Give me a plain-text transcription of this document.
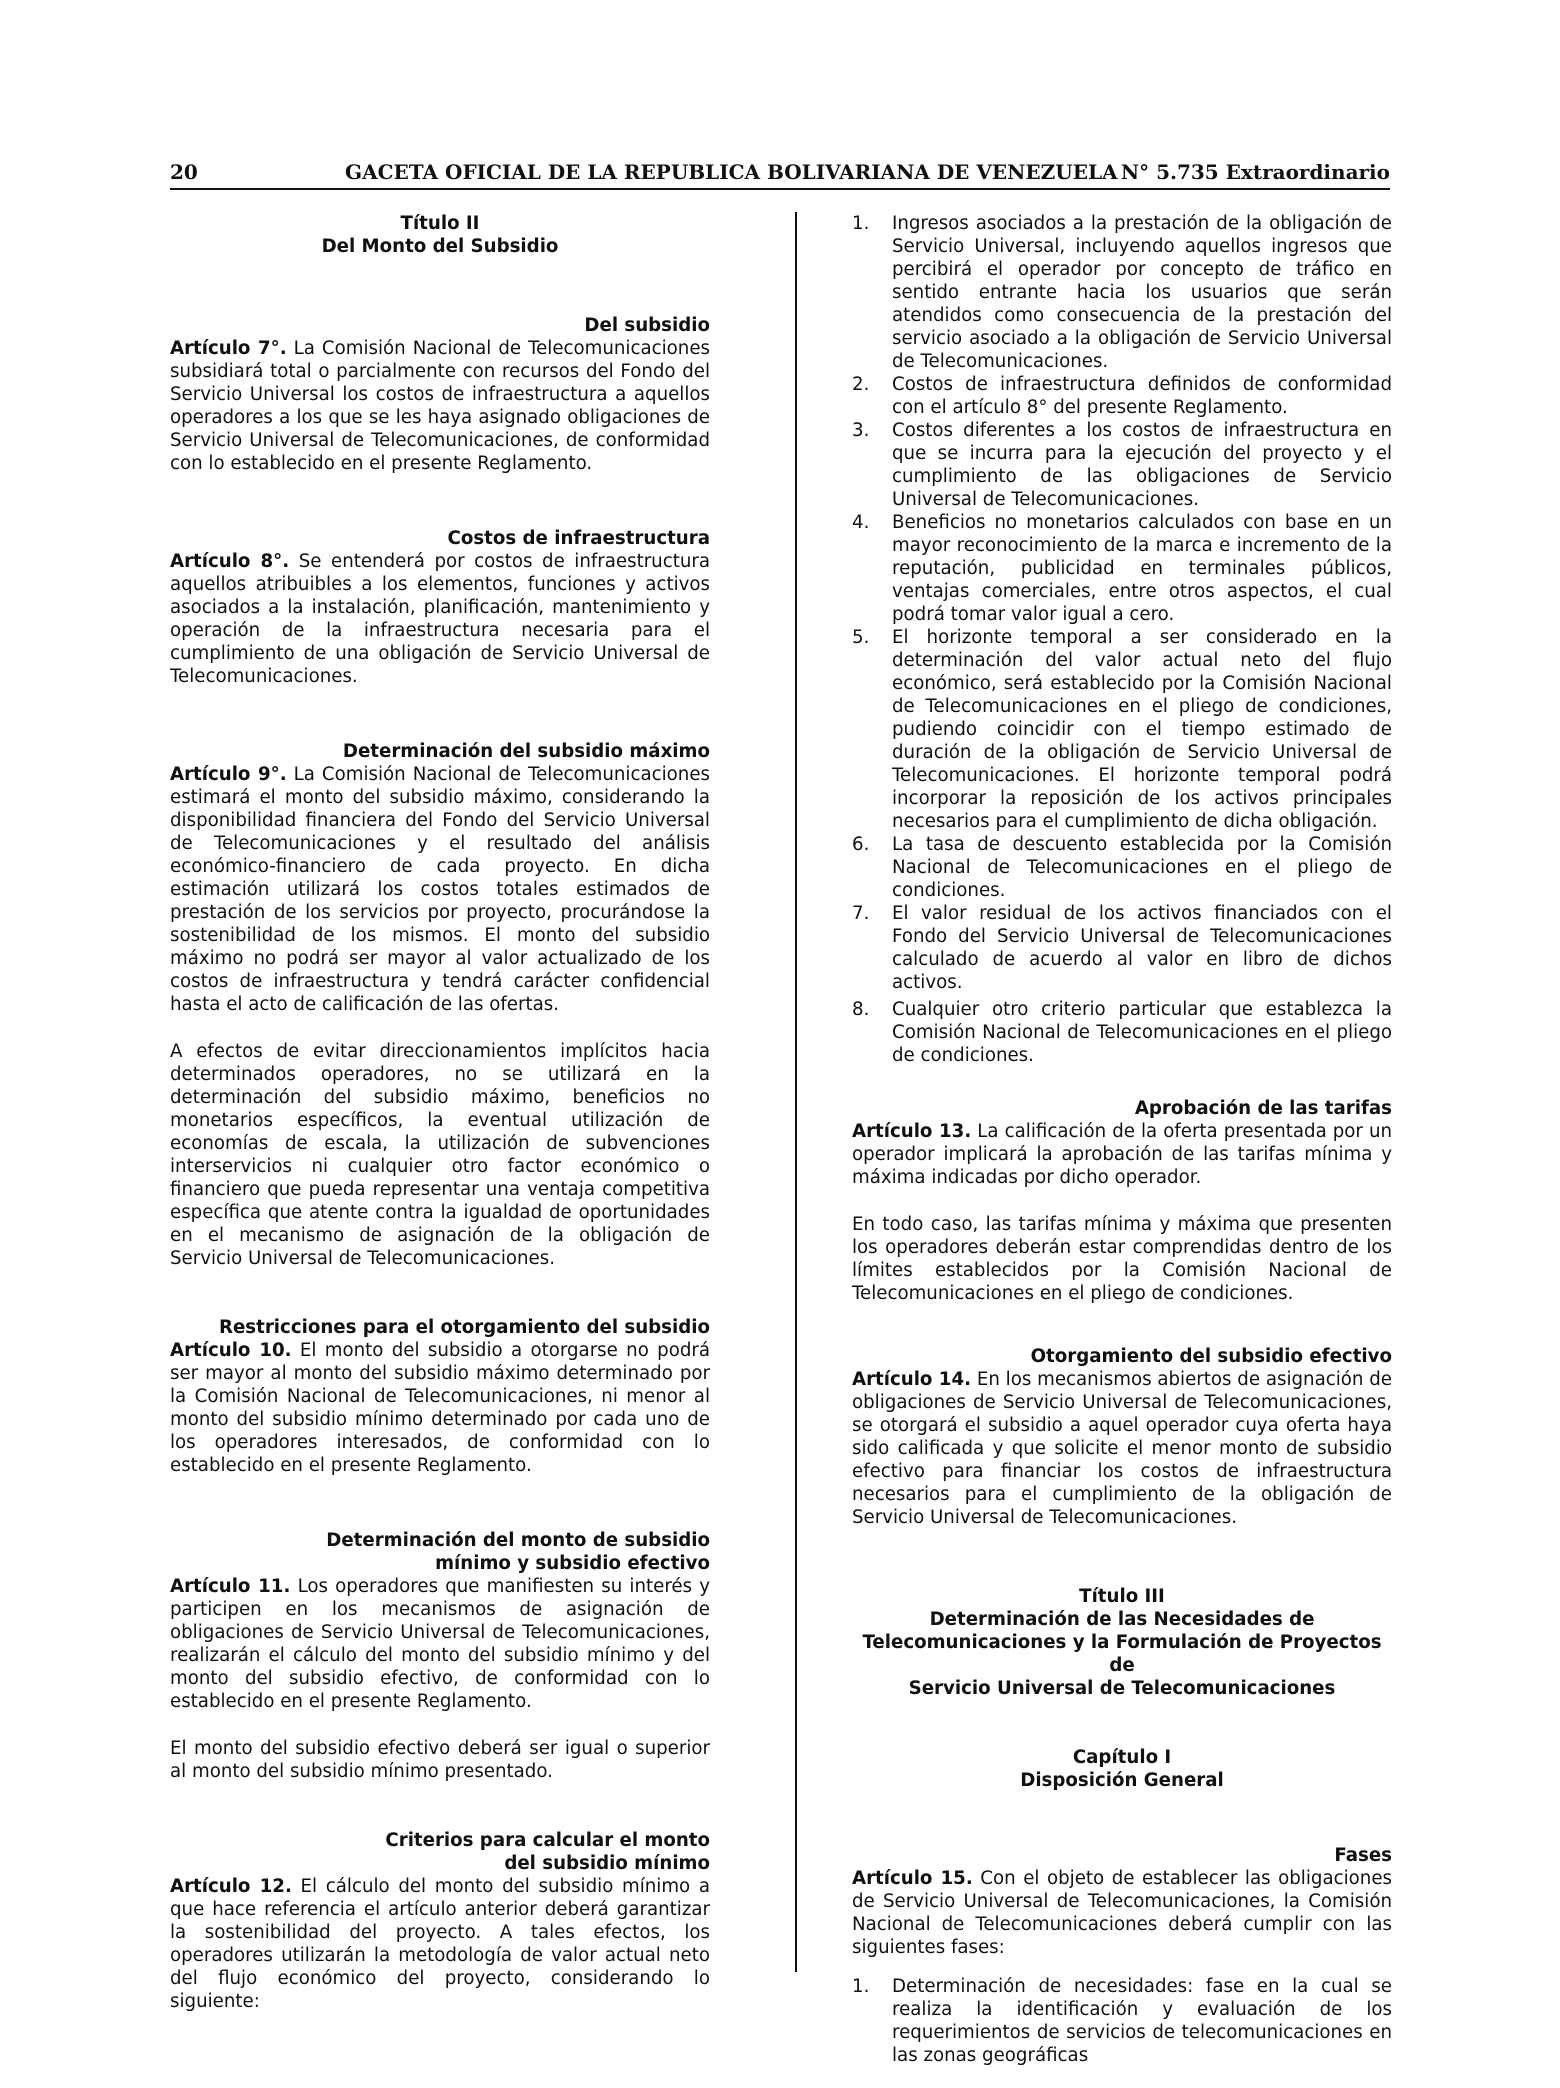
20	GACETA OFICIAL DE LA REPUBLICA BOLIVARIANA DE VENEZUELA N° 5.735 Extraordinario

Título II

Del Monto del Subsidio

Del subsidio

Artículo 7°. La Comisión Nacional de Telecomunicaciones subsidiará total o parcialmente con recursos del Fondo del Servicio Universal los costos de infraestructura a aquellos operadores a los que se les haya asignado obligaciones de Servicio Universal de Telecomunicaciones, de conformidad con lo establecido en el presente Reglamento.

Costos de infraestructura

Artículo 8°. Se entenderá por costos de infraestructura aquellos atribuibles a los elementos, funciones y activos asociados a la instalación, planificación, mantenimiento y operación de la infraestructura necesaria para el cumplimiento de una obligación de Servicio Universal de Telecomunicaciones.

Determinación del subsidio máximo

Artículo 9°. La Comisión Nacional de Telecomunicaciones estimará el monto del subsidio máximo, considerando la disponibilidad financiera del Fondo del Servicio Universal de Telecomunicaciones y el resultado del análisis económico-financiero de cada proyecto. En dicha estimación utilizará los costos totales estimados de prestación de los servicios por proyecto, procurándose la sostenibilidad de los mismos. El monto del subsidio máximo no podrá ser mayor al valor actualizado de los costos de infraestructura y tendrá carácter confidencial hasta el acto de calificación de las ofertas.

A efectos de evitar direccionamientos implícitos hacia determinados operadores, no se utilizará en la determinación del subsidio máximo, beneficios no monetarios específicos, la eventual utilización de economías de escala, la utilización de subvenciones interservicios ni cualquier otro factor económico o financiero que pueda representar una ventaja competitiva específica que atente contra la igualdad de oportunidades en el mecanismo de asignación de la obligación de Servicio Universal de Telecomunicaciones.

Restricciones para el otorgamiento del subsidio

Artículo 10. El monto del subsidio a otorgarse no podrá ser mayor al monto del subsidio máximo determinado por la Comisión Nacional de Telecomunicaciones, ni menor al monto del subsidio mínimo determinado por cada uno de los operadores interesados, de conformidad con lo establecido en el presente Reglamento.

Determinación del monto de subsidio

mínimo y subsidio efectivo

Artículo 11. Los operadores que manifiesten su interés y participen en los mecanismos de asignación de obligaciones de Servicio Universal de Telecomunicaciones, realizarán el cálculo del monto del subsidio mínimo y del monto del subsidio efectivo, de conformidad con lo establecido en el presente Reglamento.

El monto del subsidio efectivo deberá ser igual o superior al monto del subsidio mínimo presentado.

Criterios para calcular el monto

del subsidio mínimo

Artículo 12. El cálculo del monto del subsidio mínimo a que hace referencia el artículo anterior deberá garantizar la sostenibilidad del proyecto. A tales efectos, los operadores utilizarán la metodología de valor actual neto del flujo económico del proyecto, considerando lo siguiente:

1. Ingresos asociados a la prestación de la obligación de Servicio Universal, incluyendo aquellos ingresos que percibirá el operador por concepto de tráfico en sentido entrante hacia los usuarios que serán atendidos como consecuencia de la prestación del servicio asociado a la obligación de Servicio Universal de Telecomunicaciones.
2. Costos de infraestructura definidos de conformidad con el artículo 8° del presente Reglamento.
3. Costos diferentes a los costos de infraestructura en que se incurra para la ejecución del proyecto y el cumplimiento de las obligaciones de Servicio Universal de Telecomunicaciones.
4. Beneficios no monetarios calculados con base en un mayor reconocimiento de la marca e incremento de la reputación, publicidad en terminales públicos, ventajas comerciales, entre otros aspectos, el cual podrá tomar valor igual a cero.
5. El horizonte temporal a ser considerado en la determinación del valor actual neto del flujo económico, será establecido por la Comisión Nacional de Telecomunicaciones en el pliego de condiciones, pudiendo coincidir con el tiempo estimado de duración de la obligación de Servicio Universal de Telecomunicaciones. El horizonte temporal podrá incorporar la reposición de los activos principales necesarios para el cumplimiento de dicha obligación.
6. La tasa de descuento establecida por la Comisión Nacional de Telecomunicaciones en el pliego de condiciones.
7. El valor residual de los activos financiados con el Fondo del Servicio Universal de Telecomunicaciones calculado de acuerdo al valor en libro de dichos activos.
8. Cualquier otro criterio particular que establezca la Comisión Nacional de Telecomunicaciones en el pliego de condiciones.

Aprobación de las tarifas

Artículo 13. La calificación de la oferta presentada por un operador implicará la aprobación de las tarifas mínima y máxima indicadas por dicho operador.

En todo caso, las tarifas mínima y máxima que presenten los operadores deberán estar comprendidas dentro de los límites establecidos por la Comisión Nacional de Telecomunicaciones en el pliego de condiciones.

Otorgamiento del subsidio efectivo

Artículo 14. En los mecanismos abiertos de asignación de obligaciones de Servicio Universal de Telecomunicaciones, se otorgará el subsidio a aquel operador cuya oferta haya sido calificada y que solicite el menor monto de subsidio efectivo para financiar los costos de infraestructura necesarios para el cumplimiento de la obligación de Servicio Universal de Telecomunicaciones.

Título III

Determinación de las Necesidades de

Telecomunicaciones y la Formulación de Proyectos de

Servicio Universal de Telecomunicaciones

Capítulo I

Disposición General

Fases

Artículo 15. Con el objeto de establecer las obligaciones de Servicio Universal de Telecomunicaciones, la Comisión Nacional de Telecomunicaciones deberá cumplir con las siguientes fases:

1. Determinación de necesidades: fase en la cual se realiza la identificación y evaluación de los requerimientos de servicios de telecomunicaciones en las zonas geográficas
